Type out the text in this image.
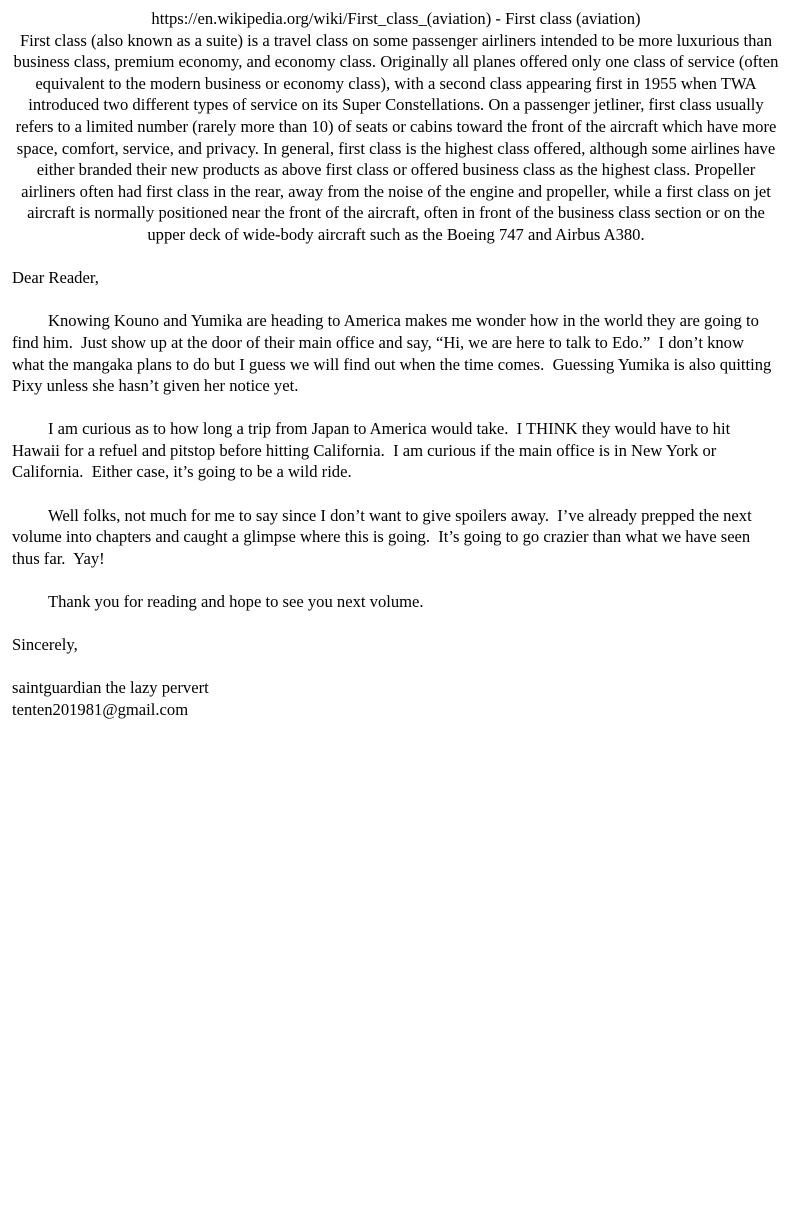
https://en.wikipedia.org/wiki/First_class_(aviation) - First class (aviation)
First class (also known as a suite) is a travel class on some passenger airliners intended to be more luxurious than business class, premium economy, and economy class. Originally all planes offered only one class of service (often equivalent to the modern business or economy class), with a second class appearing first in 1955 when TWA introduced two different types of service on its Super Constellations. On a passenger jetliner, first class usually refers to a limited number (rarely more than 10) of seats or cabins toward the front of the aircraft which have more space, comfort, service, and privacy. In general, first class is the highest class offered, although some airlines have either branded their new products as above first class or offered business class as the highest class. Propeller airliners often had first class in the rear, away from the noise of the engine and propeller, while a first class on jet aircraft is normally positioned near the front of the aircraft, often in front of the business class section or on the upper deck of wide-body aircraft such as the Boeing 747 and Airbus A380.

Dear Reader,

Knowing Kouno and Yumika are heading to America makes me wonder how in the world they are going to find him.  Just show up at the door of their main office and say, “Hi, we are here to talk to Edo.”  I don’t know what the mangaka plans to do but I guess we will find out when the time comes.  Guessing Yumika is also quitting Pixy unless she hasn’t given her notice yet.

I am curious as to how long a trip from Japan to America would take.  I THINK they would have to hit Hawaii for a refuel and pitstop before hitting California.  I am curious if the main office is in New York or California.  Either case, it’s going to be a wild ride.

Well folks, not much for me to say since I don’t want to give spoilers away.  I’ve already prepped the next volume into chapters and caught a glimpse where this is going.  It’s going to go crazier than what we have seen thus far.  Yay!

Thank you for reading and hope to see you next volume.

Sincerely,

saintguardian the lazy pervert
tenten201981@gmail.com
